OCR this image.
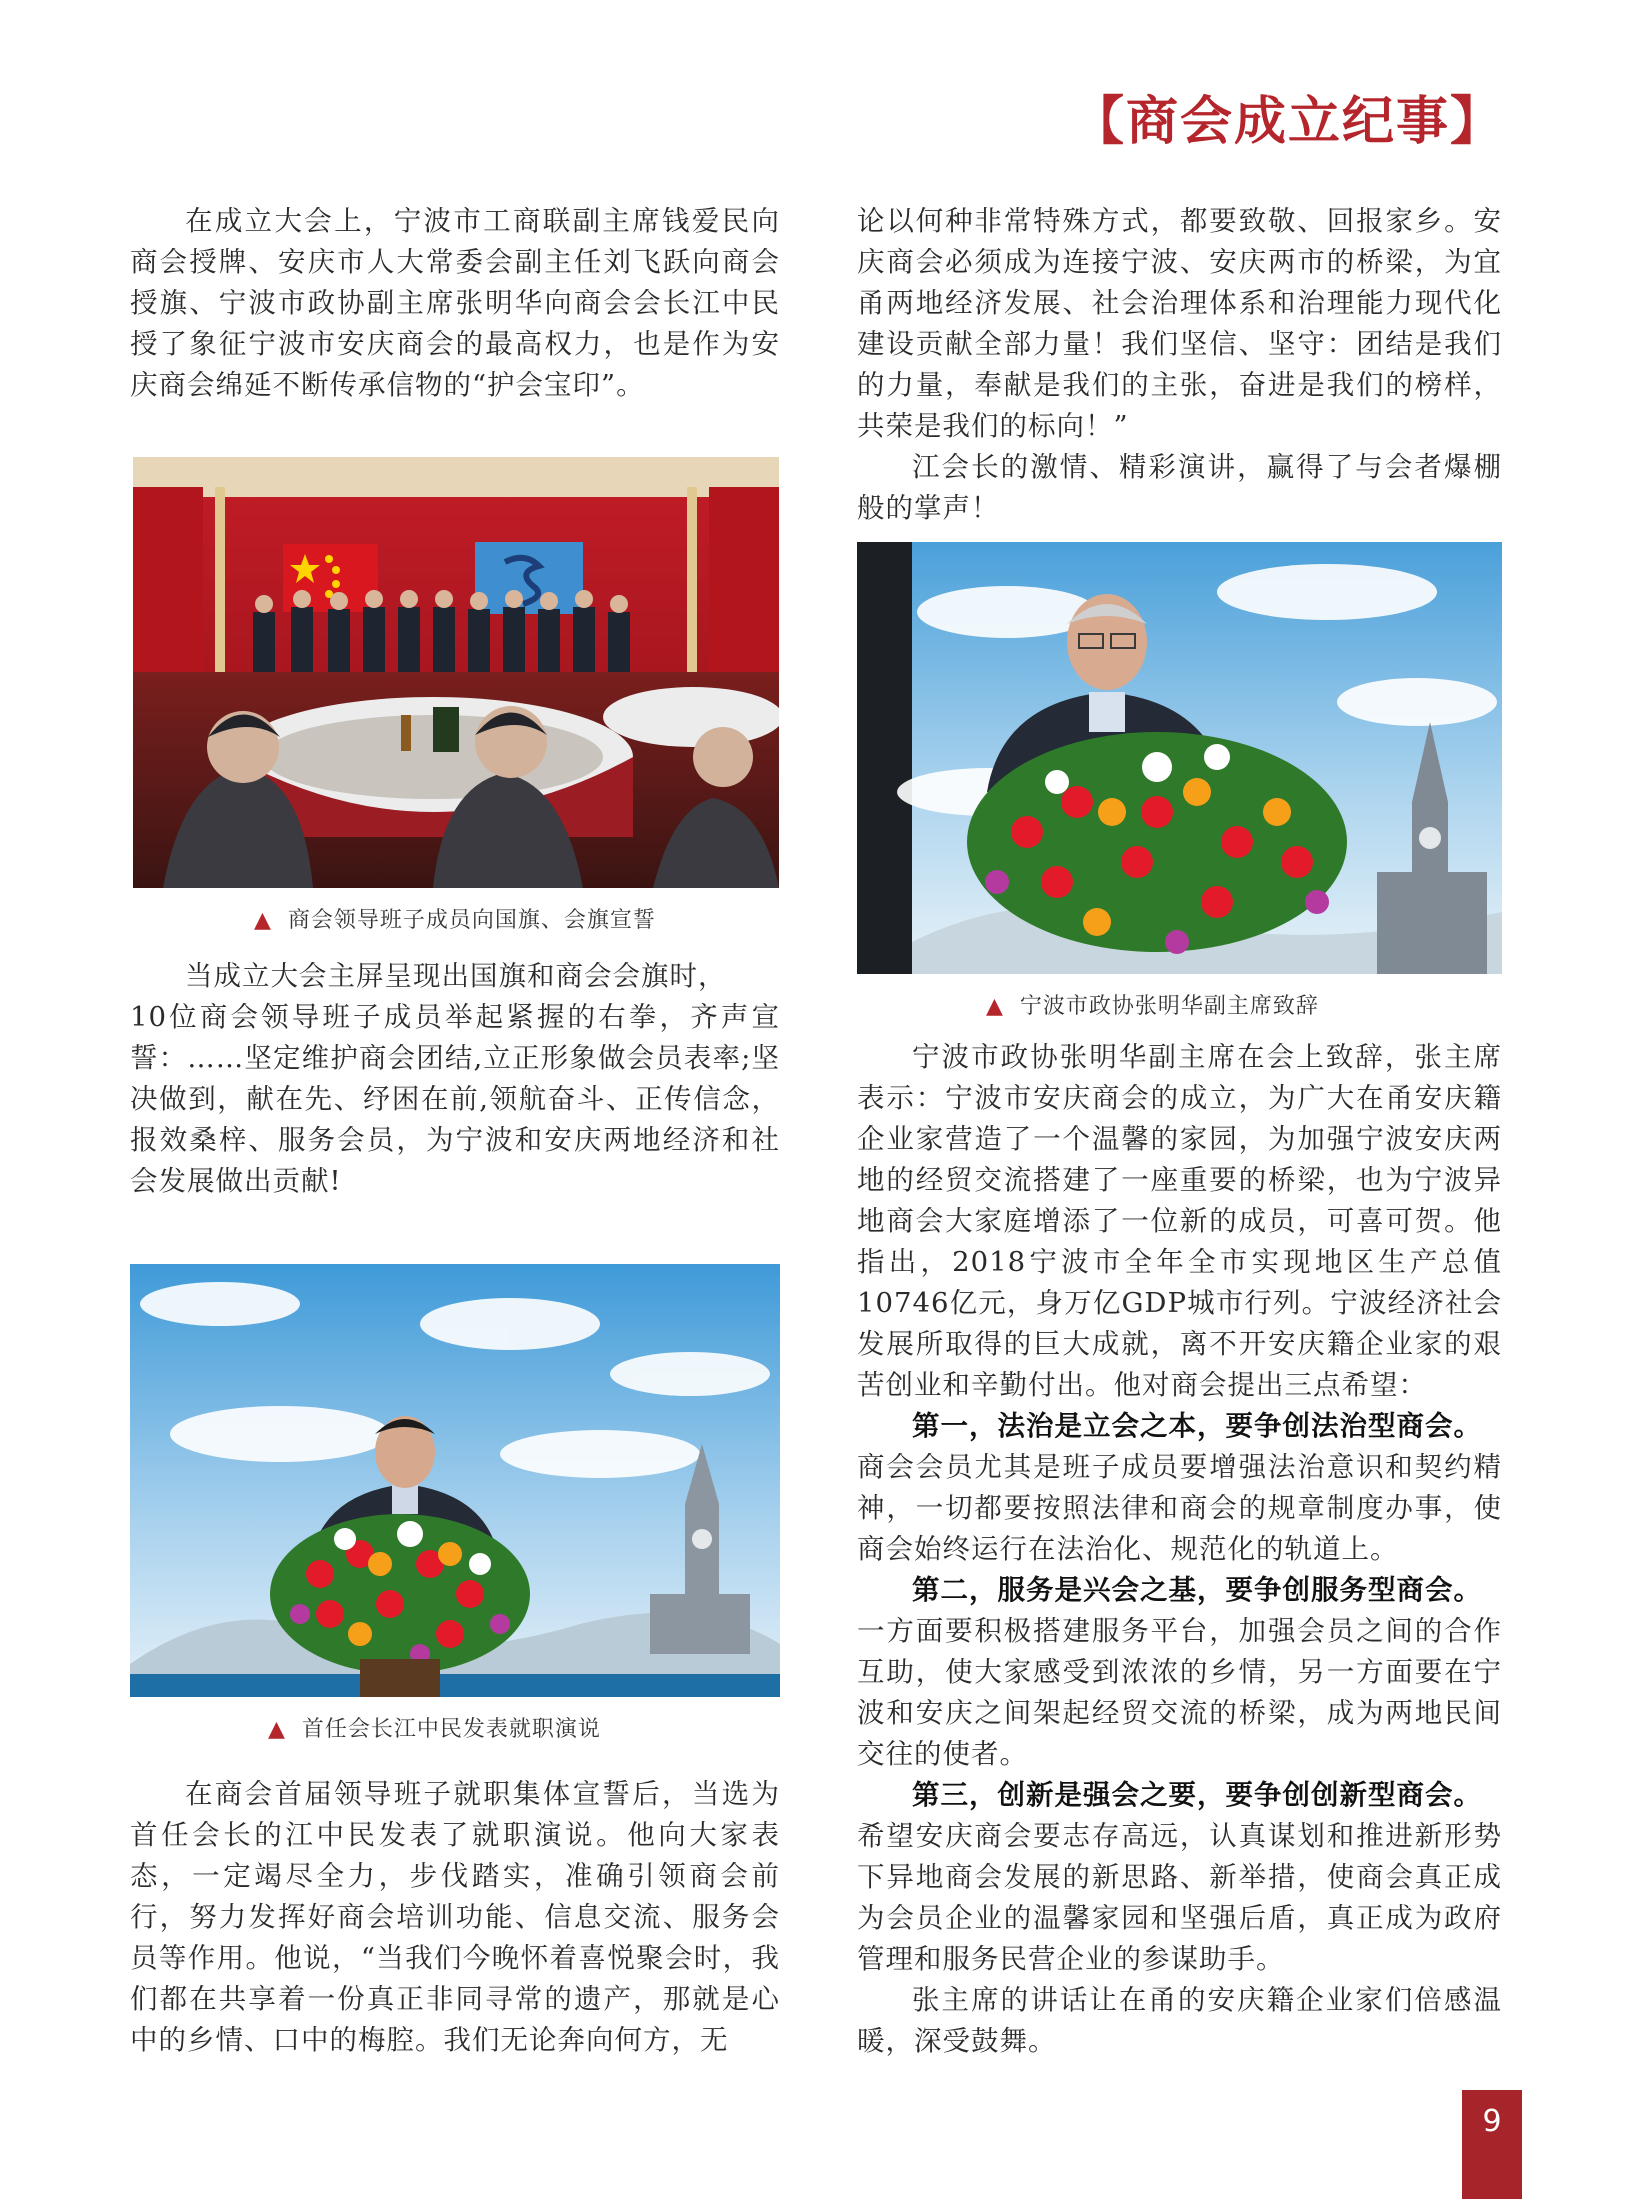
【商会成立纪事】

在成立大会上，宁波市工商联副主席钱爱民向商会授牌、安庆市人大常委会副主任刘飞跃向商会授旗、宁波市政协副主席张明华向商会会长江中民授了象征宁波市安庆商会的最高权力，也是作为安庆商会绵延不断传承信物的“护会宝印”。

▲ 商会领导班子成员向国旗、会旗宣誓

当成立大会主屏呈现出国旗和商会会旗时，

10位商会领导班子成员举起紧握的右拳，齐声宣誓：……坚定维护商会团结,立正形象做会员表率;坚决做到，献在先、纾困在前,领航奋斗、正传信念，报效桑梓、服务会员，为宁波和安庆两地经济和社会发展做出贡献!

▲ 首任会长江中民发表就职演说

在商会首届领导班子就职集体宣誓后，当选为首任会长的江中民发表了就职演说。他向大家表态，一定竭尽全力，步伐踏实，准确引领商会前行，努力发挥好商会培训功能、信息交流、服务会员等作用。他说，“当我们今晚怀着喜悦聚会时，我们都在共享着一份真正非同寻常的遗产，那就是心中的乡情、口中的梅腔。我们无论奔向何方，无

论以何种非常特殊方式，都要致敬、回报家乡。安庆商会必须成为连接宁波、安庆两市的桥梁，为宜甬两地经济发展、社会治理体系和治理能力现代化建设贡献全部力量！我们坚信、坚守：团结是我们的力量，奉献是我们的主张，奋进是我们的榜样，共荣是我们的标向！”

江会长的激情、精彩演讲，赢得了与会者爆棚般的掌声！

▲ 宁波市政协张明华副主席致辞

宁波市政协张明华副主席在会上致辞，张主席表示：宁波市安庆商会的成立，为广大在甬安庆籍企业家营造了一个温馨的家园，为加强宁波安庆两地的经贸交流搭建了一座重要的桥梁，也为宁波异地商会大家庭增添了一位新的成员，可喜可贺。他指出，2018宁波市全年全市实现地区生产总值10746亿元，身万亿GDP城市行列。宁波经济社会发展所取得的巨大成就，离不开安庆籍企业家的艰苦创业和辛勤付出。他对商会提出三点希望：

第一，法治是立会之本，要争创法治型商会。

商会会员尤其是班子成员要增强法治意识和契约精神，一切都要按照法律和商会的规章制度办事，使商会始终运行在法治化、规范化的轨道上。

第二，服务是兴会之基，要争创服务型商会。

一方面要积极搭建服务平台，加强会员之间的合作互助，使大家感受到浓浓的乡情，另一方面要在宁波和安庆之间架起经贸交流的桥梁，成为两地民间交往的使者。

第三，创新是强会之要，要争创创新型商会。

希望安庆商会要志存高远，认真谋划和推进新形势下异地商会发展的新思路、新举措，使商会真正成为会员企业的温馨家园和坚强后盾，真正成为政府管理和服务民营企业的参谋助手。

张主席的讲话让在甬的安庆籍企业家们倍感温暖，深受鼓舞。

9
